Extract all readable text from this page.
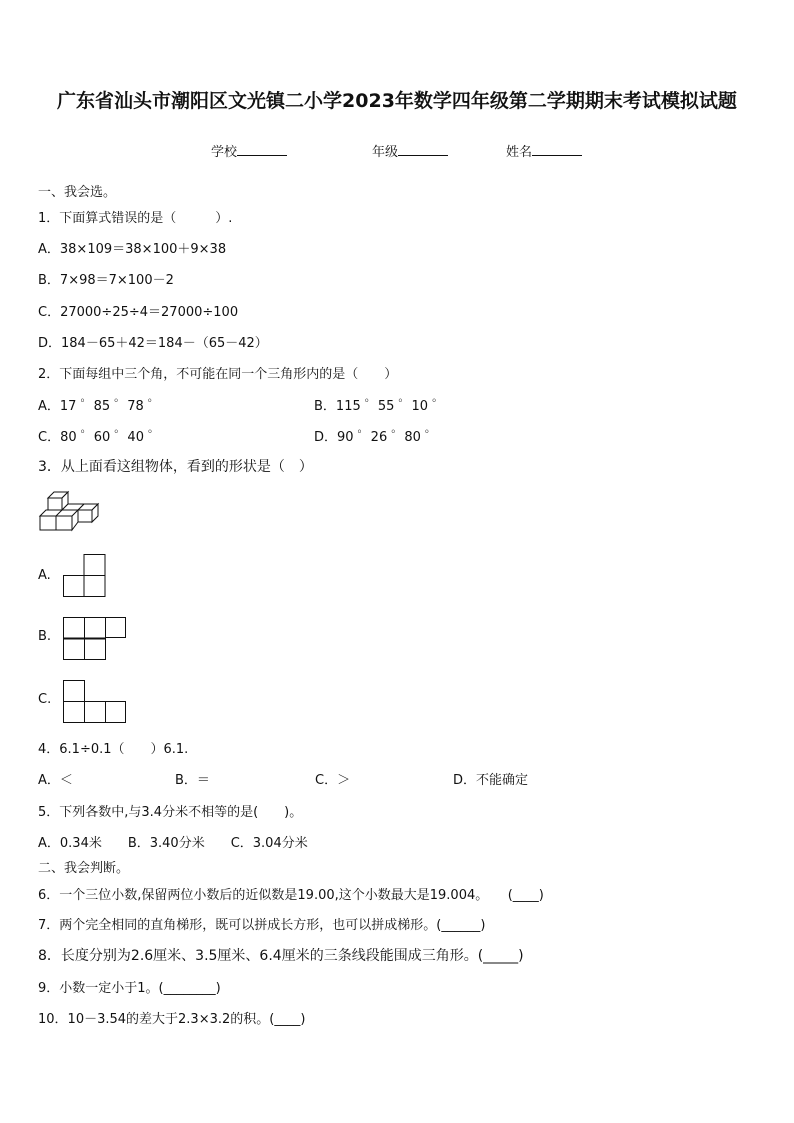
广东省汕头市潮阳区文光镇二小学2023年数学四年级第二学期期末考试模拟试题
学校	年级	姓名
一、我会选。
1．下面算式错误的是（　　　）.
A．38×109＝38×100＋9×38
B．7×98＝7×100－2
C．27000÷25÷4＝27000÷100
D．184－65＋42＝184－（65－42）
2．下面每组中三个角，不可能在同一个三角形内的是（　　）
A．17 ゜85 ゜78 ゜	B．115 ゜55 ゜10 ゜
C．80 ゜60 ゜40 ゜	D．90 ゜26 ゜80 ゜
3．从上面看这组物体，看到的形状是（　）
A.
B.
C.
4．6.1÷0.1（　　）6.1.
A．＜	B．＝	C．＞	D．不能确定
5．下列各数中,与3.4分米不相等的是(　　)。
A．0.34米　　B．3.40分米　　C．3.04分米
二、我会判断。
6．一个三位小数,保留两位小数后的近似数是19.00,这个小数最大是19.004。　　(____)
7．两个完全相同的直角梯形，既可以拼成长方形，也可以拼成梯形。(______)
8．长度分别为2.6厘米、3.5厘米、6.4厘米的三条线段能围成三角形。(_____)
9．小数一定小于1。(________)
10．10－3.54的差大于2.3×3.2的积。(____)
